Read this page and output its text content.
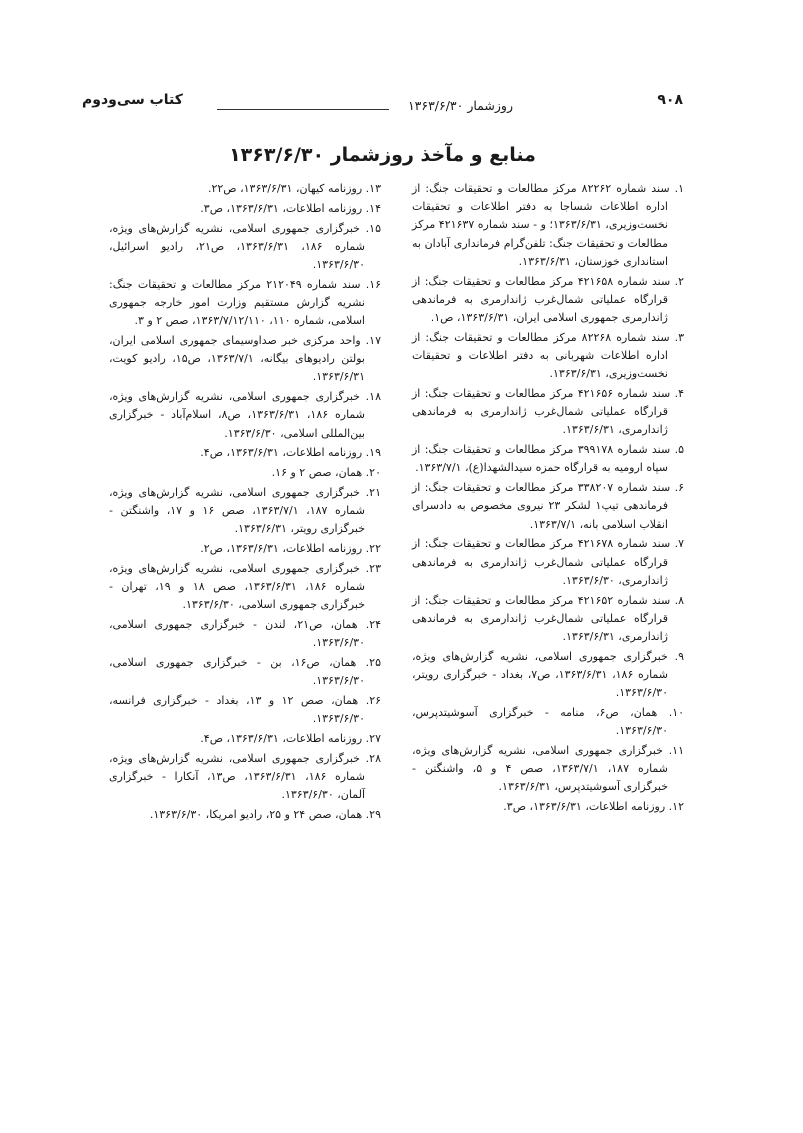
۹۰۸
روزشمار ۱۳۶۳/۶/۳۰
کتاب سی‌ودوم
منابع و مآخذ روزشمار ۱۳۶۳/۶/۳۰
۱. سند شماره ۸۲۲۶۲ مرکز مطالعات و تحقیقات جنگ: از اداره اطلاعات شساجا به دفتر اطلاعات و تحقیقات نخست‌وزیری، ۱۳۶۳/۶/۳۱؛ و - سند شماره ۴۲۱۶۳۷ مرکز مطالعات و تحقیقات جنگ: تلفن‌گرام فرمانداری آبادان به استانداری خوزستان، ۱۳۶۳/۶/۳۱.
۲. سند شماره ۴۲۱۶۵۸ مرکز مطالعات و تحقیقات جنگ: از قرارگاه عملیاتی شمال‌غرب ژاندارمری به فرماندهی ژاندارمری جمهوری اسلامی ایران، ۱۳۶۳/۶/۳۱، ص۱.
۳. سند شماره ۸۲۲۶۸ مرکز مطالعات و تحقیقات جنگ: از اداره اطلاعات شهربانی به دفتر اطلاعات و تحقیقات نخست‌وزیری، ۱۳۶۳/۶/۳۱.
۴. سند شماره ۴۲۱۶۵۶ مرکز مطالعات و تحقیقات جنگ: از قرارگاه عملیاتی شمال‌غرب ژاندارمری به فرماندهی ژاندارمری، ۱۳۶۳/۶/۳۱.
۵. سند شماره ۳۹۹۱۷۸ مرکز مطالعات و تحقیقات جنگ: از سپاه ارومیه به قرارگاه حمزه سیدالشهدا(ع)، ۱۳۶۳/۷/۱.
۶. سند شماره ۳۳۸۲۰۷ مرکز مطالعات و تحقیقات جنگ: از فرماندهی تیپ۱ لشکر ۲۳ نیروی مخصوص به دادسرای انقلاب اسلامی بانه، ۱۳۶۳/۷/۱.
۷. سند شماره ۴۲۱۶۷۸ مرکز مطالعات و تحقیقات جنگ: از قرارگاه عملیاتی شمال‌غرب ژاندارمری به فرماندهی ژاندارمری، ۱۳۶۳/۶/۳۰.
۸. سند شماره ۴۲۱۶۵۲ مرکز مطالعات و تحقیقات جنگ: از قرارگاه عملیاتی شمال‌غرب ژاندارمری به فرماندهی ژاندارمری، ۱۳۶۳/۶/۳۱.
۹. خبرگزاری جمهوری اسلامی، نشریه گزارش‌های ویژه، شماره ۱۸۶، ۱۳۶۳/۶/۳۱، ص۷، بغداد - خبرگزاری رویتر، ۱۳۶۳/۶/۳۰.
۱۰. همان، ص۶، منامه - خبرگزاری آسوشیتدپرس، ۱۳۶۳/۶/۳۰.
۱۱. خبرگزاری جمهوری اسلامی، نشریه گزارش‌های ویژه، شماره ۱۸۷، ۱۳۶۳/۷/۱، صص ۴ و ۵، واشنگتن - خبرگزاری آسوشیتدپرس، ۱۳۶۳/۶/۳۱.
۱۲. روزنامه اطلاعات، ۱۳۶۳/۶/۳۱، ص۳.
۱۳. روزنامه کیهان، ۱۳۶۳/۶/۳۱، ص۲۲.
۱۴. روزنامه اطلاعات، ۱۳۶۳/۶/۳۱، ص۳.
۱۵. خبرگزاری جمهوری اسلامی، نشریه گزارش‌های ویژه، شماره ۱۸۶، ۱۳۶۳/۶/۳۱، ص۲۱، رادیو اسرائیل، ۱۳۶۳/۶/۳۰.
۱۶. سند شماره ۲۱۲۰۴۹ مرکز مطالعات و تحقیقات جنگ: نشریه گزارش مستقیم وزارت امور خارجه جمهوری اسلامی، شماره ۱۱۰، ۱۳۶۳/۷/۱۲/۱۱۰، صص ۲ و ۳.
۱۷. واحد مرکزی خبر صداوسیمای جمهوری اسلامی ایران، بولتن رادیوهای بیگانه، ۱۳۶۳/۷/۱، ص۱۵، رادیو کویت، ۱۳۶۳/۶/۳۱.
۱۸. خبرگزاری جمهوری اسلامی، نشریه گزارش‌های ویژه، شماره ۱۸۶، ۱۳۶۳/۶/۳۱، ص۸، اسلام‌آباد - خبرگزاری بین‌المللی اسلامی، ۱۳۶۳/۶/۳۰.
۱۹. روزنامه اطلاعات، ۱۳۶۳/۶/۳۱، ص۴.
۲۰. همان، صص ۲ و ۱۶.
۲۱. خبرگزاری جمهوری اسلامی، نشریه گزارش‌های ویژه، شماره ۱۸۷، ۱۳۶۳/۷/۱، صص ۱۶ و ۱۷، واشنگتن - خبرگزاری رویتر، ۱۳۶۳/۶/۳۱.
۲۲. روزنامه اطلاعات، ۱۳۶۳/۶/۳۱، ص۲.
۲۳. خبرگزاری جمهوری اسلامی، نشریه گزارش‌های ویژه، شماره ۱۸۶، ۱۳۶۳/۶/۳۱، صص ۱۸ و ۱۹، تهران - خبرگزاری جمهوری اسلامی، ۱۳۶۳/۶/۳۰.
۲۴. همان، ص۲۱، لندن - خبرگزاری جمهوری اسلامی، ۱۳۶۳/۶/۳۰.
۲۵. همان، ص۱۶، بن - خبرگزاری جمهوری اسلامی، ۱۳۶۳/۶/۳۰.
۲۶. همان، صص ۱۲ و ۱۳، بغداد - خبرگزاری فرانسه، ۱۳۶۳/۶/۳۰.
۲۷. روزنامه اطلاعات، ۱۳۶۳/۶/۳۱، ص۴.
۲۸. خبرگزاری جمهوری اسلامی، نشریه گزارش‌های ویژه، شماره ۱۸۶، ۱۳۶۳/۶/۳۱، ص۱۳، آنکارا - خبرگزاری آلمان، ۱۳۶۳/۶/۳۰.
۲۹. همان، صص ۲۴ و ۲۵، رادیو امریکا، ۱۳۶۳/۶/۳۰.
